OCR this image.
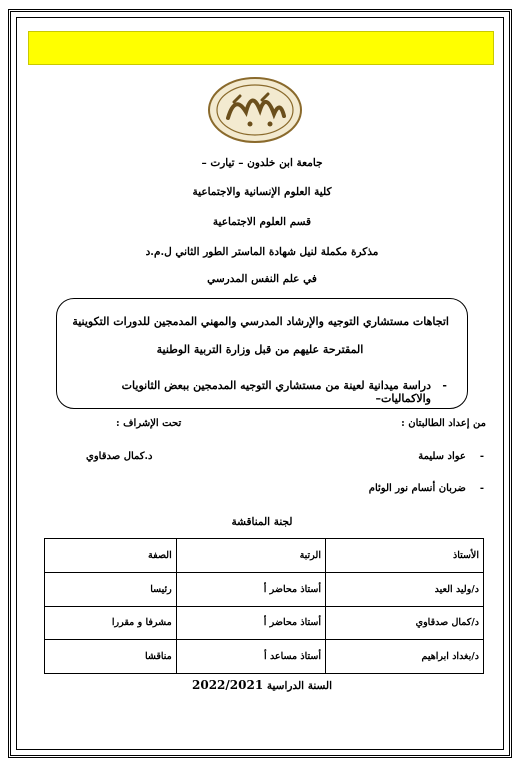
جامعة ابن خلدون – تيارت –
كلية العلوم الإنسانية والاجتماعية
قسم العلوم الاجتماعية
مذكرة مكملة لنيل شهادة الماستر الطور الثاني ل.م.د
في علم النفس المدرسي
اتجاهات مستشاري التوجيه والإرشاد المدرسي والمهني المدمجين للدورات التكوينية
المقترحة عليهم من قبل وزارة التربية الوطنية
-
دراسة ميدانية لعينة من مستشاري التوجيه المدمجين ببعض الثانويات والاكماليات–
من إعداد الطالبتان :
تحت الإشراف :
-    عواد سليمة
د.كمال صدقاوي
-    ضربان أنسام نور الوئام
لجنة المناقشة
الأستاذ	الرتبة	الصفة
د/وليد العيد	أستاذ محاضر أ	رئيسا
د/كمال صدقاوي	أستاذ محاضر أ	مشرفا و مقررا
د/بغداد ابراهيم	أستاذ مساعد أ	مناقشا
السنة الدراسية 2022/2021
